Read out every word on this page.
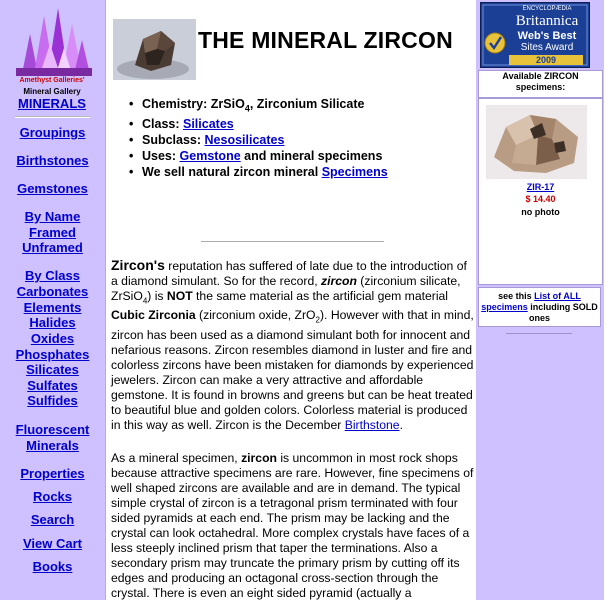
Amethyst Galleries'
Mineral Gallery
MINERALS
Groupings
Birthstones
Gemstones
By Name
Framed
Unframed
By Class
Carbonates
Elements
Halides
Oxides
Phosphates
Silicates
Sulfates
Sulfides
Fluorescent
Minerals
Properties
Rocks
Search
View Cart
Books
THE MINERAL ZIRCON
• Chemistry: ZrSiO$_4$, Zirconium Silicate
• Class: Silicates
• Subclass: Nesosilicates
• Uses: Gemstone and mineral specimens
• We sell natural zircon mineral Specimens
Zircon's reputation has suffered of late due to the introduction of a diamond simulant. So for the record, zircon (zirconium silicate, ZrSiO$_4$) is NOT the same material as the artificial gem material Cubic Zirconia (zirconium oxide, ZrO$_2$). However with that in mind, zircon has been used as a diamond simulant both for innocent and nefarious reasons. Zircon resembles diamond in luster and fire and colorless zircons have been mistaken for diamonds by experienced jewelers. Zircon can make a very attractive and affordable gemstone. It is found in browns and greens but can be heat treated to beautiful blue and golden colors. Colorless material is produced in this way as well. Zircon is the December Birthstone.
As a mineral specimen, zircon is uncommon in most rock shops because attractive specimens are rare. However, fine specimens of well shaped zircons are available and are in demand. The typical simple crystal of zircon is a tetragonal prism terminated with four sided pyramids at each end. The prism may be lacking and the crystal can look octahedral. More complex crystals have faces of a less steeply inclined prism that taper the terminations. Also a secondary prism may truncate the primary prism by cutting off its edges and producing an octagonal cross-section through the crystal. There is even an eight sided pyramid (actually a
ENCYCLOPÆDIA
Britannica
Web's Best
Sites Award
2009
Available ZIRCON specimens:
ZIR-17
$ 14.40
no photo
see this List of ALL specimens including SOLD ones
